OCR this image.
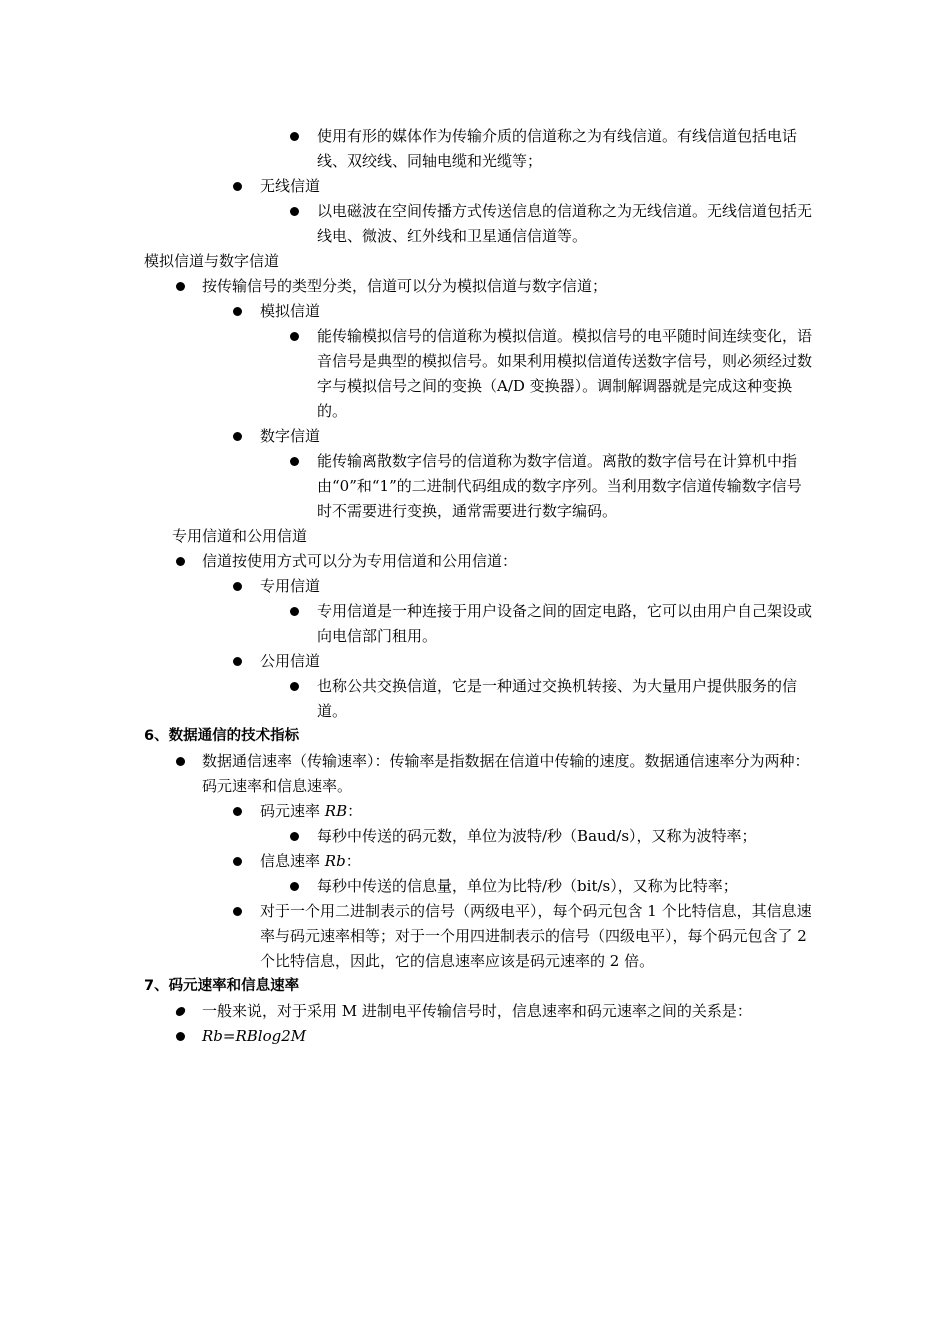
使用有形的媒体作为传输介质的信道称之为有线信道。有线信道包括电话线、双绞线、同轴电缆和光缆等；
无线信道
以电磁波在空间传播方式传送信息的信道称之为无线信道。无线信道包括无线电、微波、红外线和卫星通信信道等。
模拟信道与数字信道
按传输信号的类型分类，信道可以分为模拟信道与数字信道；
模拟信道
能传输模拟信号的信道称为模拟信道。模拟信号的电平随时间连续变化，语音信号是典型的模拟信号。如果利用模拟信道传送数字信号，则必须经过数字与模拟信号之间的变换（A/D 变换器）。调制解调器就是完成这种变换的。
数字信道
能传输离散数字信号的信道称为数字信道。离散的数字信号在计算机中指由“0”和“1”的二进制代码组成的数字序列。当利用数字信道传输数字信号时不需要进行变换，通常需要进行数字编码。
专用信道和公用信道
信道按使用方式可以分为专用信道和公用信道：
专用信道
专用信道是一种连接于用户设备之间的固定电路，它可以由用户自己架设或向电信部门租用。
公用信道
也称公共交换信道，它是一种通过交换机转接、为大量用户提供服务的信道。
6、数据通信的技术指标
数据通信速率（传输速率）：传输率是指数据在信道中传输的速度。数据通信速率分为两种：码元速率和信息速率。
码元速率 RB：
每秒中传送的码元数，单位为波特/秒（Baud/s），又称为波特率；
信息速率 Rb：
每秒中传送的信息量，单位为比特/秒（bit/s），又称为比特率；
对于一个用二进制表示的信号（两级电平），每个码元包含 1 个比特信息，其信息速率与码元速率相等；对于一个用四进制表示的信号（四级电平），每个码元包含了 2 个比特信息，因此，它的信息速率应该是码元速率的 2 倍。
7、码元速率和信息速率
一般来说，对于采用 M 进制电平传输信号时，信息速率和码元速率之间的关系是：
Rb=RBlog2M
